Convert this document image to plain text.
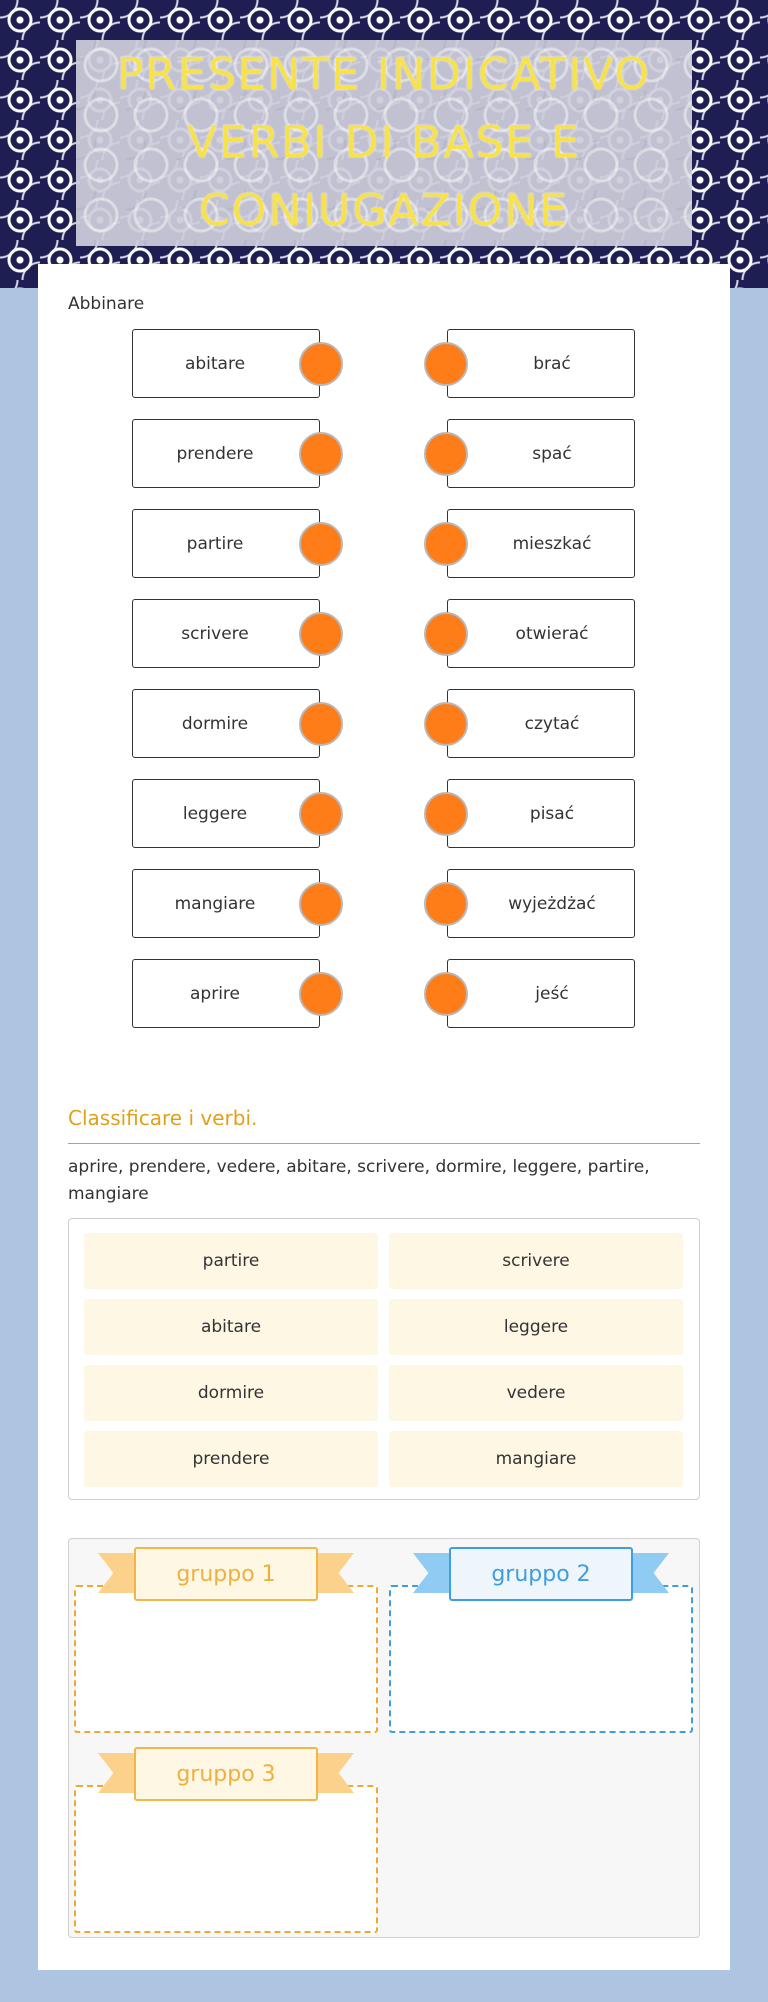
PRESENTE INDICATIVO VERBI DI BASE E CONIUGAZIONE
Abbinare
abitare
prendere
partire
scrivere
dormire
leggere
mangiare
aprire
brać
spać
mieszkać
otwierać
czytać
pisać
wyjeżdżać
jeść
Classificare i verbi.
aprire, prendere, vedere, abitare, scrivere, dormire, leggere, partire, mangiare
partire	scrivere
abitare	leggere
dormire	vedere
prendere	mangiare
gruppo 1	gruppo 2
gruppo 3
